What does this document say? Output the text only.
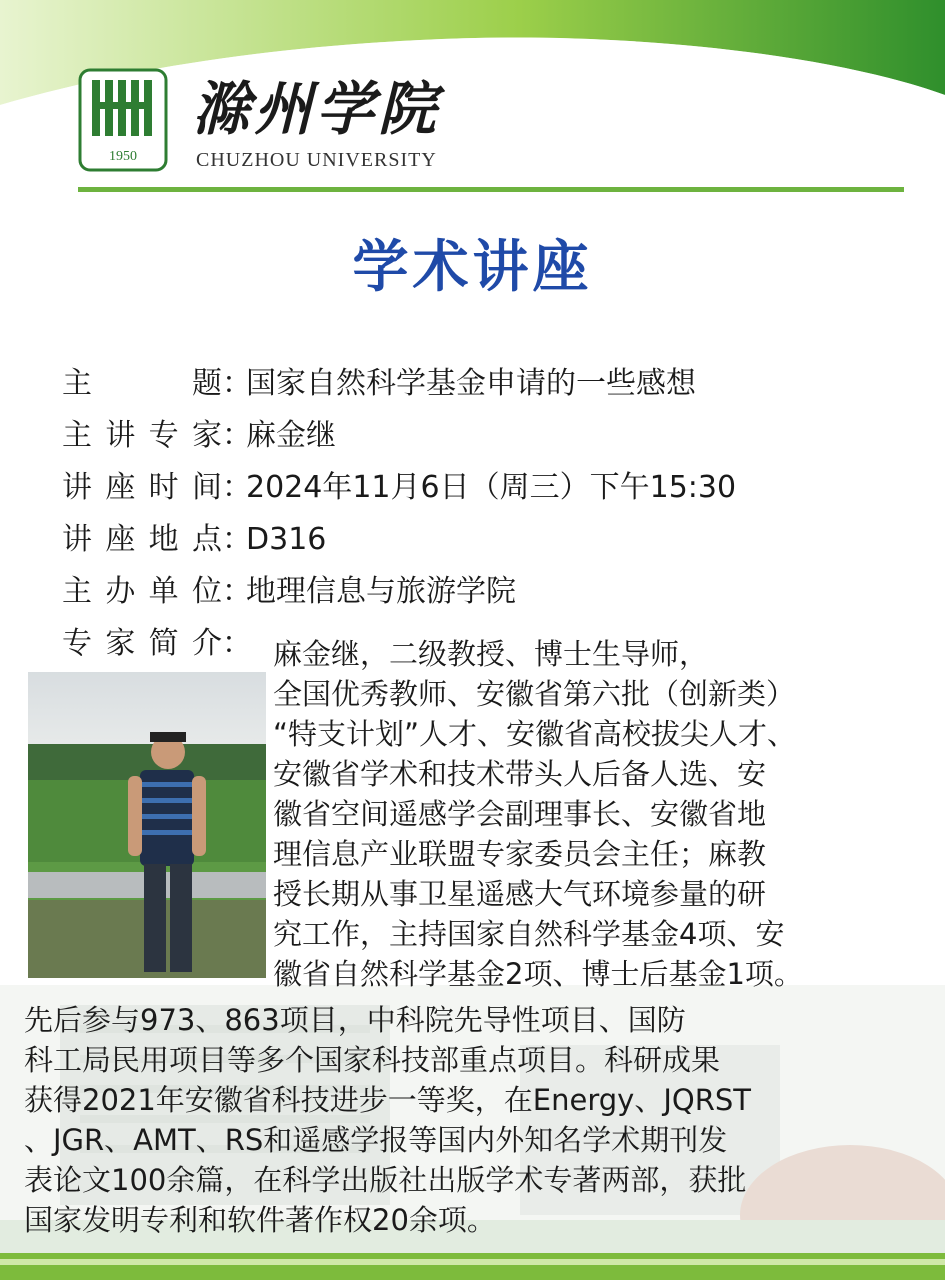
1950
滁州学院
CHUZHOU UNIVERSITY
学术讲座
主	题 ：国家自然科学基金申请的一些感想
主 讲 专 家 ：麻金继
讲 座 时 间 ：2024年11月6日（周三）下午15:30
讲 座 地 点 ：D316
主 办 单 位 ：地理信息与旅游学院
专 家 简 介 ： 麻金继，二级教授、博士生导师，
全国优秀教师、安徽省第六批（创新类）
“特支计划”人才、安徽省高校拔尖人才、
安徽省学术和技术带头人后备人选、安
徽省空间遥感学会副理事长、安徽省地
理信息产业联盟专家委员会主任；麻教
授长期从事卫星遥感大气环境参量的研
究工作，主持国家自然科学基金4项、安
徽省自然科学基金2项、博士后基金1项。
先后参与973、863项目，中科院先导性项目、国防
科工局民用项目等多个国家科技部重点项目。科研成果
获得2021年安徽省科技进步一等奖，在Energy、JQRST
、JGR、AMT、RS和遥感学报等国内外知名学术期刊发
表论文100余篇，在科学出版社出版学术专著两部，获批
国家发明专利和软件著作权20余项。
